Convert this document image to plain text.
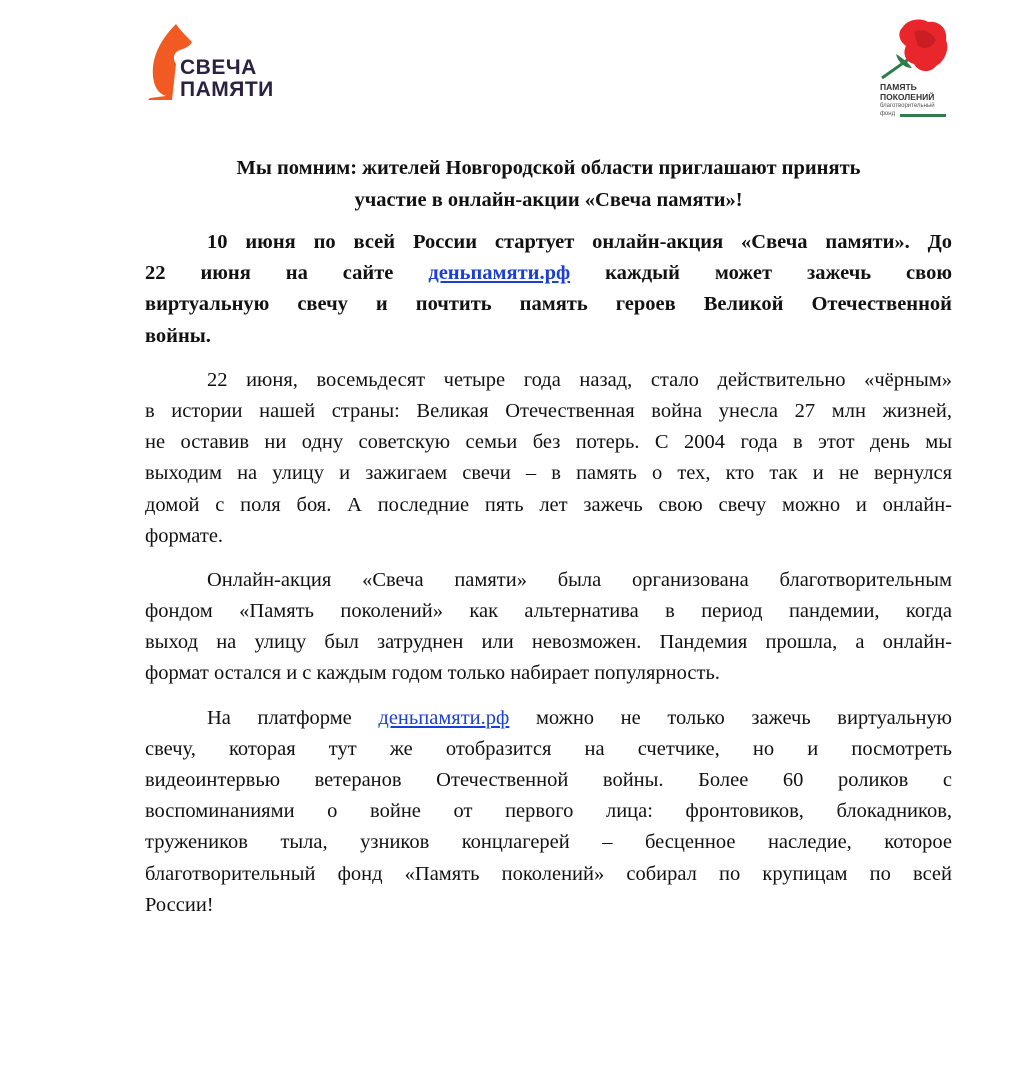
СВЕЧА
ПАМЯТИ	ПАМЯТЬ
ПОКОЛЕНИЙ
благотворительный
фонд
Мы помним: жителей Новгородской области приглашают принять
участие в онлайн-акции «Свеча памяти»!
10 июня по всей России стартует онлайн-акция «Свеча памяти». До
22 июня на сайте деньпамяти.рф каждый может зажечь свою
виртуальную свечу и почтить память героев Великой Отечественной
войны.
22 июня, восемьдесят четыре года назад, стало действительно «чёрным»
в истории нашей страны: Великая Отечественная война унесла 27 млн жизней,
не оставив ни одну советскую семьи без потерь. С 2004 года в этот день мы
выходим на улицу и зажигаем свечи – в память о тех, кто так и не вернулся
домой с поля боя. А последние пять лет зажечь свою свечу можно и онлайн-
формате.
Онлайн-акция «Свеча памяти» была организована благотворительным
фондом «Память поколений» как альтернатива в период пандемии, когда
выход на улицу был затруднен или невозможен. Пандемия прошла, а онлайн-
формат остался и с каждым годом только набирает популярность.
На платформе деньпамяти.рф можно не только зажечь виртуальную
свечу, которая тут же отобразится на счетчике, но и посмотреть
видеоинтервью ветеранов Отечественной войны. Более 60 роликов с
воспоминаниями о войне от первого лица: фронтовиков, блокадников,
тружеников тыла, узников концлагерей – бесценное наследие, которое
благотворительный фонд «Память поколений» собирал по крупицам по всей
России!
